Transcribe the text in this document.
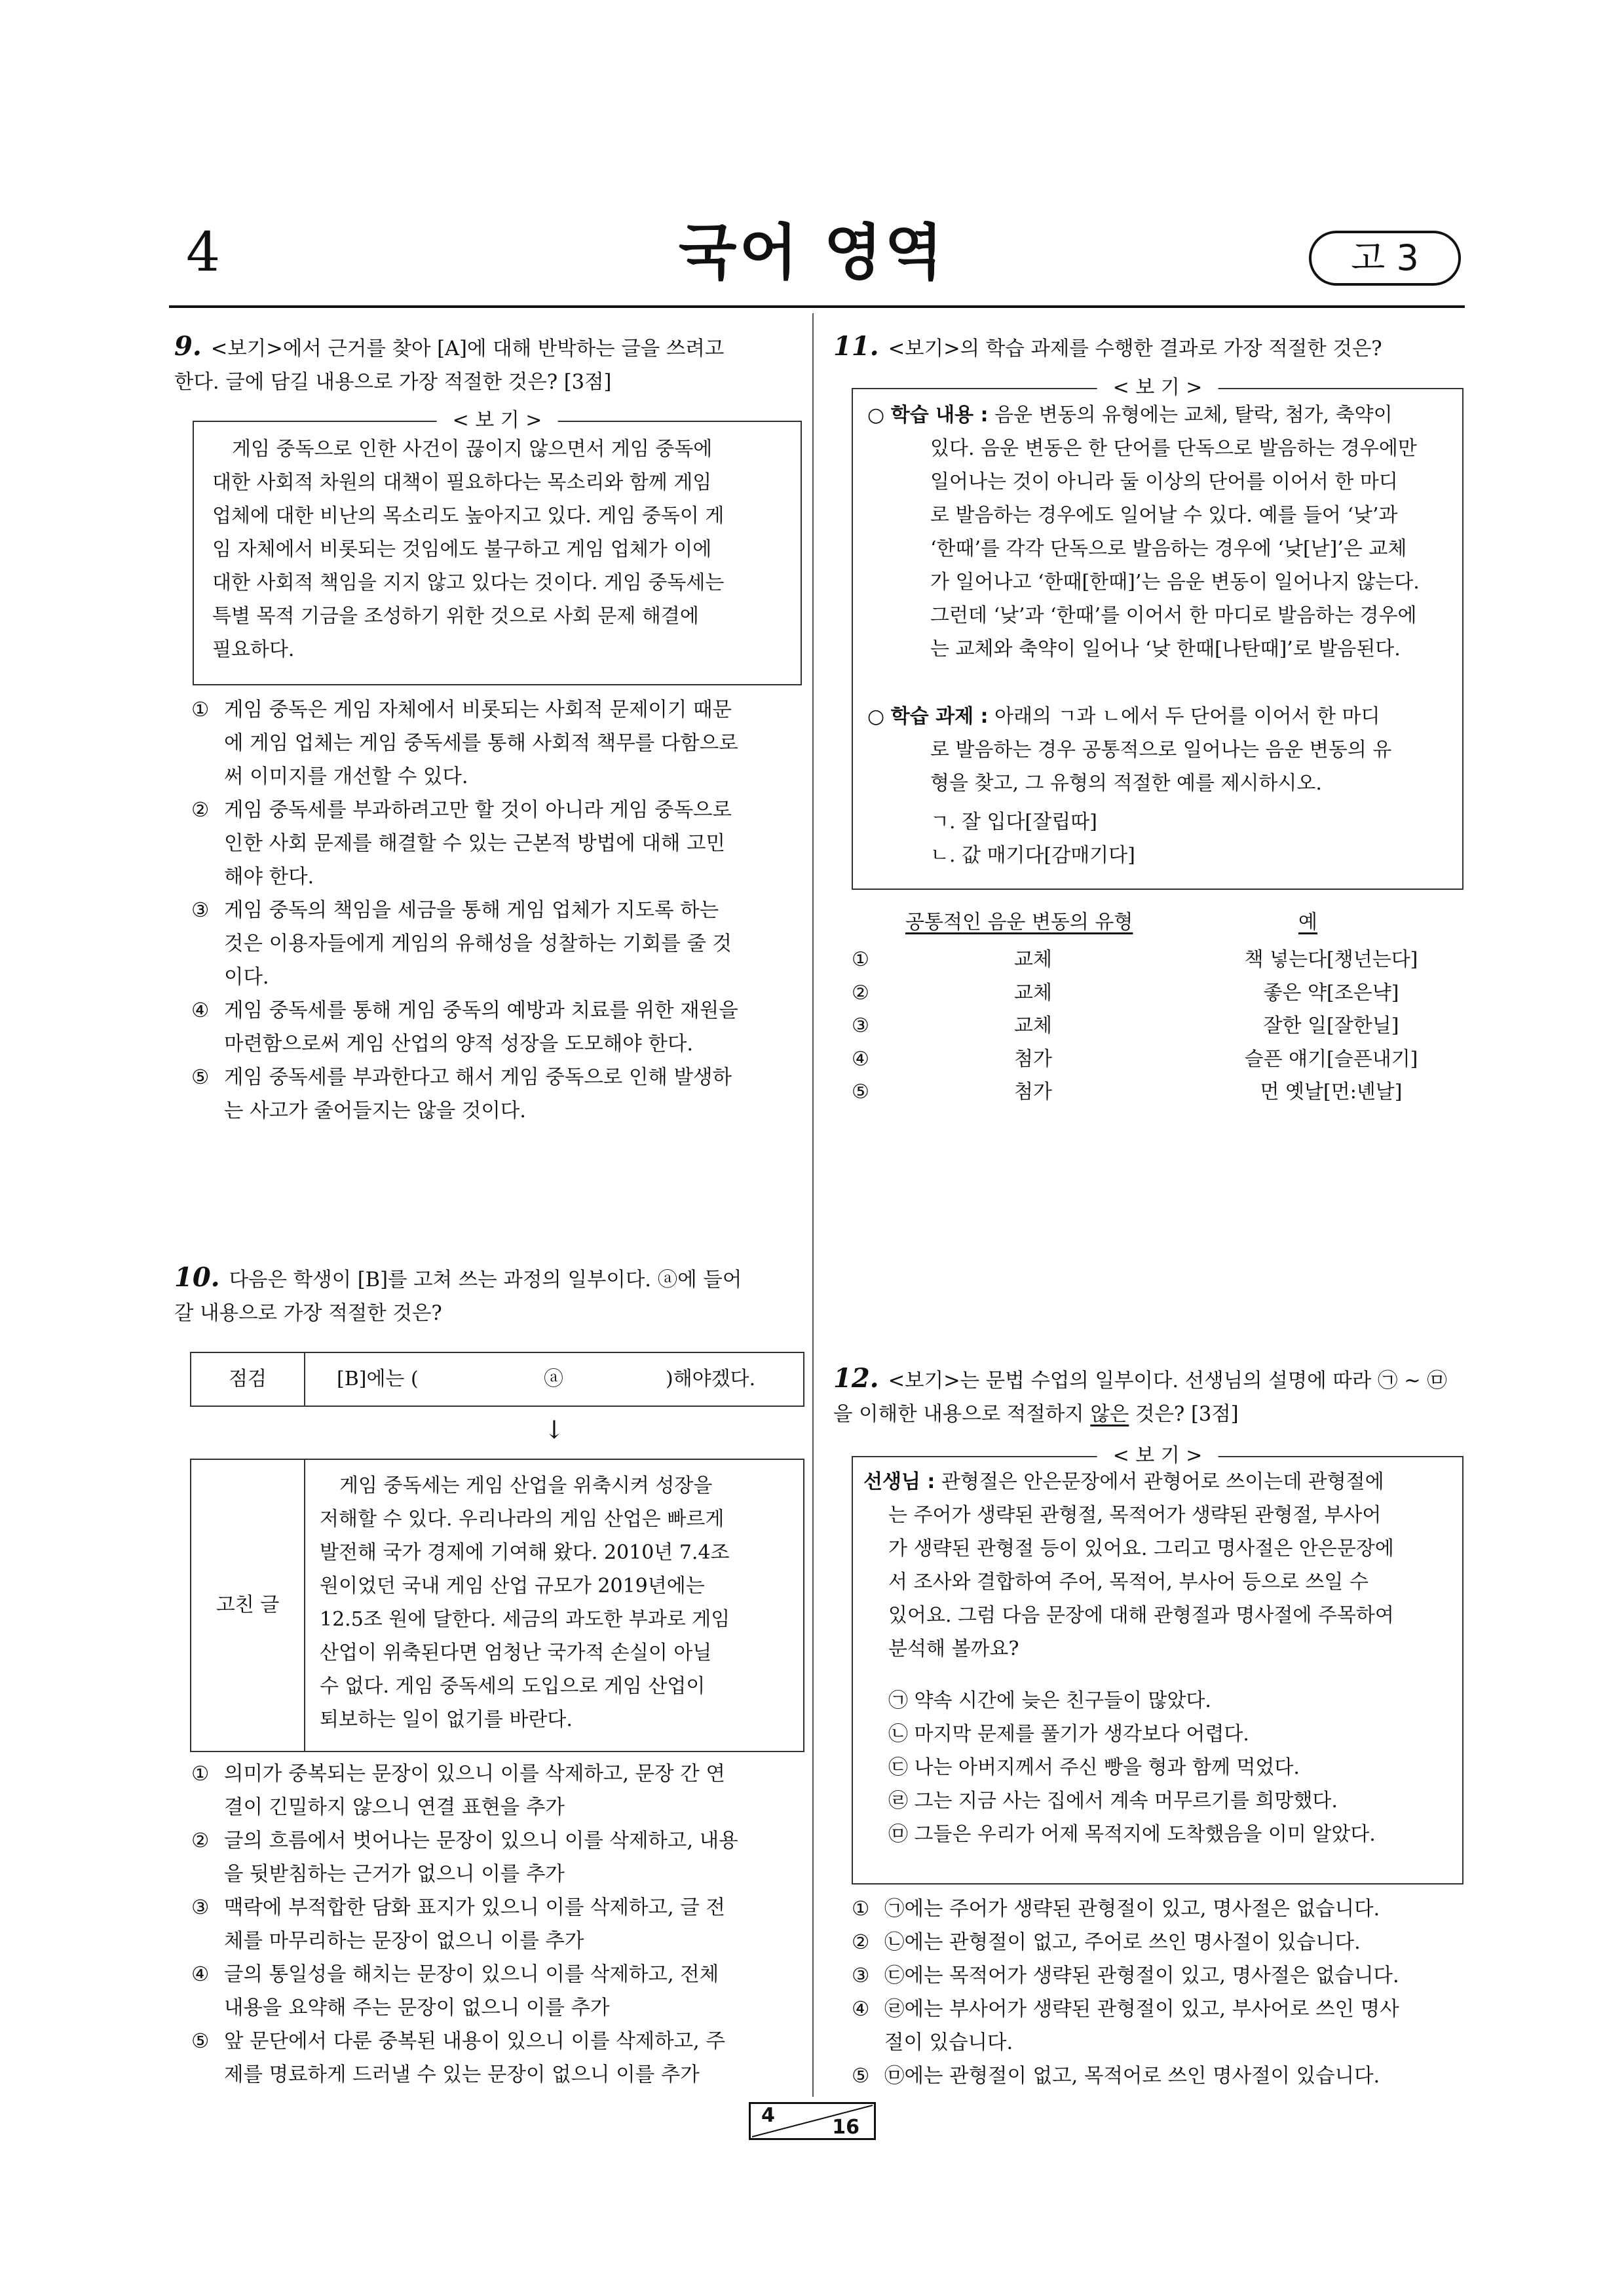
4	국어 영역	고 3
9. <보기>에서 근거를 찾아 [A]에 대해 반박하는 글을 쓰려고
한다. 글에 담길 내용으로 가장 적절한 것은? [3점]
< 보 기 >
게임 중독으로 인한 사건이 끊이지 않으면서 게임 중독에
대한 사회적 차원의 대책이 필요하다는 목소리와 함께 게임
업체에 대한 비난의 목소리도 높아지고 있다. 게임 중독이 게
임 자체에서 비롯되는 것임에도 불구하고 게임 업체가 이에
대한 사회적 책임을 지지 않고 있다는 것이다. 게임 중독세는
특별 목적 기금을 조성하기 위한 것으로 사회 문제 해결에
필요하다.
① 게임 중독은 게임 자체에서 비롯되는 사회적 문제이기 때문
에 게임 업체는 게임 중독세를 통해 사회적 책무를 다함으로
써 이미지를 개선할 수 있다.
② 게임 중독세를 부과하려고만 할 것이 아니라 게임 중독으로
인한 사회 문제를 해결할 수 있는 근본적 방법에 대해 고민
해야 한다.
③ 게임 중독의 책임을 세금을 통해 게임 업체가 지도록 하는
것은 이용자들에게 게임의 유해성을 성찰하는 기회를 줄 것
이다.
④ 게임 중독세를 통해 게임 중독의 예방과 치료를 위한 재원을
마련함으로써 게임 산업의 양적 성장을 도모해야 한다.
⑤ 게임 중독세를 부과한다고 해서 게임 중독으로 인해 발생하
는 사고가 줄어들지는 않을 것이다.
10. 다음은 학생이 [B]를 고쳐 쓰는 과정의 일부이다. ⓐ에 들어
갈 내용으로 가장 적절한 것은?
점검	[B]에는 (	ⓐ	)해야겠다.
↓
고친 글
게임 중독세는 게임 산업을 위축시켜 성장을
저해할 수 있다. 우리나라의 게임 산업은 빠르게
발전해 국가 경제에 기여해 왔다. 2010년 7.4조
원이었던 국내 게임 산업 규모가 2019년에는
12.5조 원에 달한다. 세금의 과도한 부과로 게임
산업이 위축된다면 엄청난 국가적 손실이 아닐
수 없다. 게임 중독세의 도입으로 게임 산업이
퇴보하는 일이 없기를 바란다.
① 의미가 중복되는 문장이 있으니 이를 삭제하고, 문장 간 연
결이 긴밀하지 않으니 연결 표현을 추가
② 글의 흐름에서 벗어나는 문장이 있으니 이를 삭제하고, 내용
을 뒷받침하는 근거가 없으니 이를 추가
③ 맥락에 부적합한 담화 표지가 있으니 이를 삭제하고, 글 전
체를 마무리하는 문장이 없으니 이를 추가
④ 글의 통일성을 해치는 문장이 있으니 이를 삭제하고, 전체
내용을 요약해 주는 문장이 없으니 이를 추가
⑤ 앞 문단에서 다룬 중복된 내용이 있으니 이를 삭제하고, 주
제를 명료하게 드러낼 수 있는 문장이 없으니 이를 추가
11. <보기>의 학습 과제를 수행한 결과로 가장 적절한 것은?
< 보 기 >
○ 학습 내용 : 음운 변동의 유형에는 교체, 탈락, 첨가, 축약이
있다. 음운 변동은 한 단어를 단독으로 발음하는 경우에만
일어나는 것이 아니라 둘 이상의 단어를 이어서 한 마디
로 발음하는 경우에도 일어날 수 있다. 예를 들어 ‘낮’과
‘한때’를 각각 단독으로 발음하는 경우에 ‘낮[낟]’은 교체
가 일어나고 ‘한때[한때]’는 음운 변동이 일어나지 않는다.
그런데 ‘낮’과 ‘한때’를 이어서 한 마디로 발음하는 경우에
는 교체와 축약이 일어나 ‘낮 한때[나탄때]’로 발음된다.
○ 학습 과제 : 아래의 ㄱ과 ㄴ에서 두 단어를 이어서 한 마디
로 발음하는 경우 공통적으로 일어나는 음운 변동의 유
형을 찾고, 그 유형의 적절한 예를 제시하시오.
ㄱ. 잘 입다[잘립따]
ㄴ. 값 매기다[감매기다]
공통적인 음운 변동의 유형	예
①	교체	책 넣는다[챙넌는다]
②	교체	좋은 약[조은냑]
③	교체	잘한 일[잘한닐]
④	첨가	슬픈 얘기[슬픈내기]
⑤	첨가	먼 옛날[먼:녠날]
12. <보기>는 문법 수업의 일부이다. 선생님의 설명에 따라 ㉠ ~ ㉤
을 이해한 내용으로 적절하지 않은 것은? [3점]
< 보 기 >
선생님 : 관형절은 안은문장에서 관형어로 쓰이는데 관형절에
는 주어가 생략된 관형절, 목적어가 생략된 관형절, 부사어
가 생략된 관형절 등이 있어요. 그리고 명사절은 안은문장에
서 조사와 결합하여 주어, 목적어, 부사어 등으로 쓰일 수
있어요. 그럼 다음 문장에 대해 관형절과 명사절에 주목하여
분석해 볼까요?
㉠ 약속 시간에 늦은 친구들이 많았다.
㉡ 마지막 문제를 풀기가 생각보다 어렵다.
㉢ 나는 아버지께서 주신 빵을 형과 함께 먹었다.
㉣ 그는 지금 사는 집에서 계속 머무르기를 희망했다.
㉤ 그들은 우리가 어제 목적지에 도착했음을 이미 알았다.
① ㉠에는 주어가 생략된 관형절이 있고, 명사절은 없습니다.
② ㉡에는 관형절이 없고, 주어로 쓰인 명사절이 있습니다.
③ ㉢에는 목적어가 생략된 관형절이 있고, 명사절은 없습니다.
④ ㉣에는 부사어가 생략된 관형절이 있고, 부사어로 쓰인 명사
절이 있습니다.
⑤ ㉤에는 관형절이 없고, 목적어로 쓰인 명사절이 있습니다.
4
16
